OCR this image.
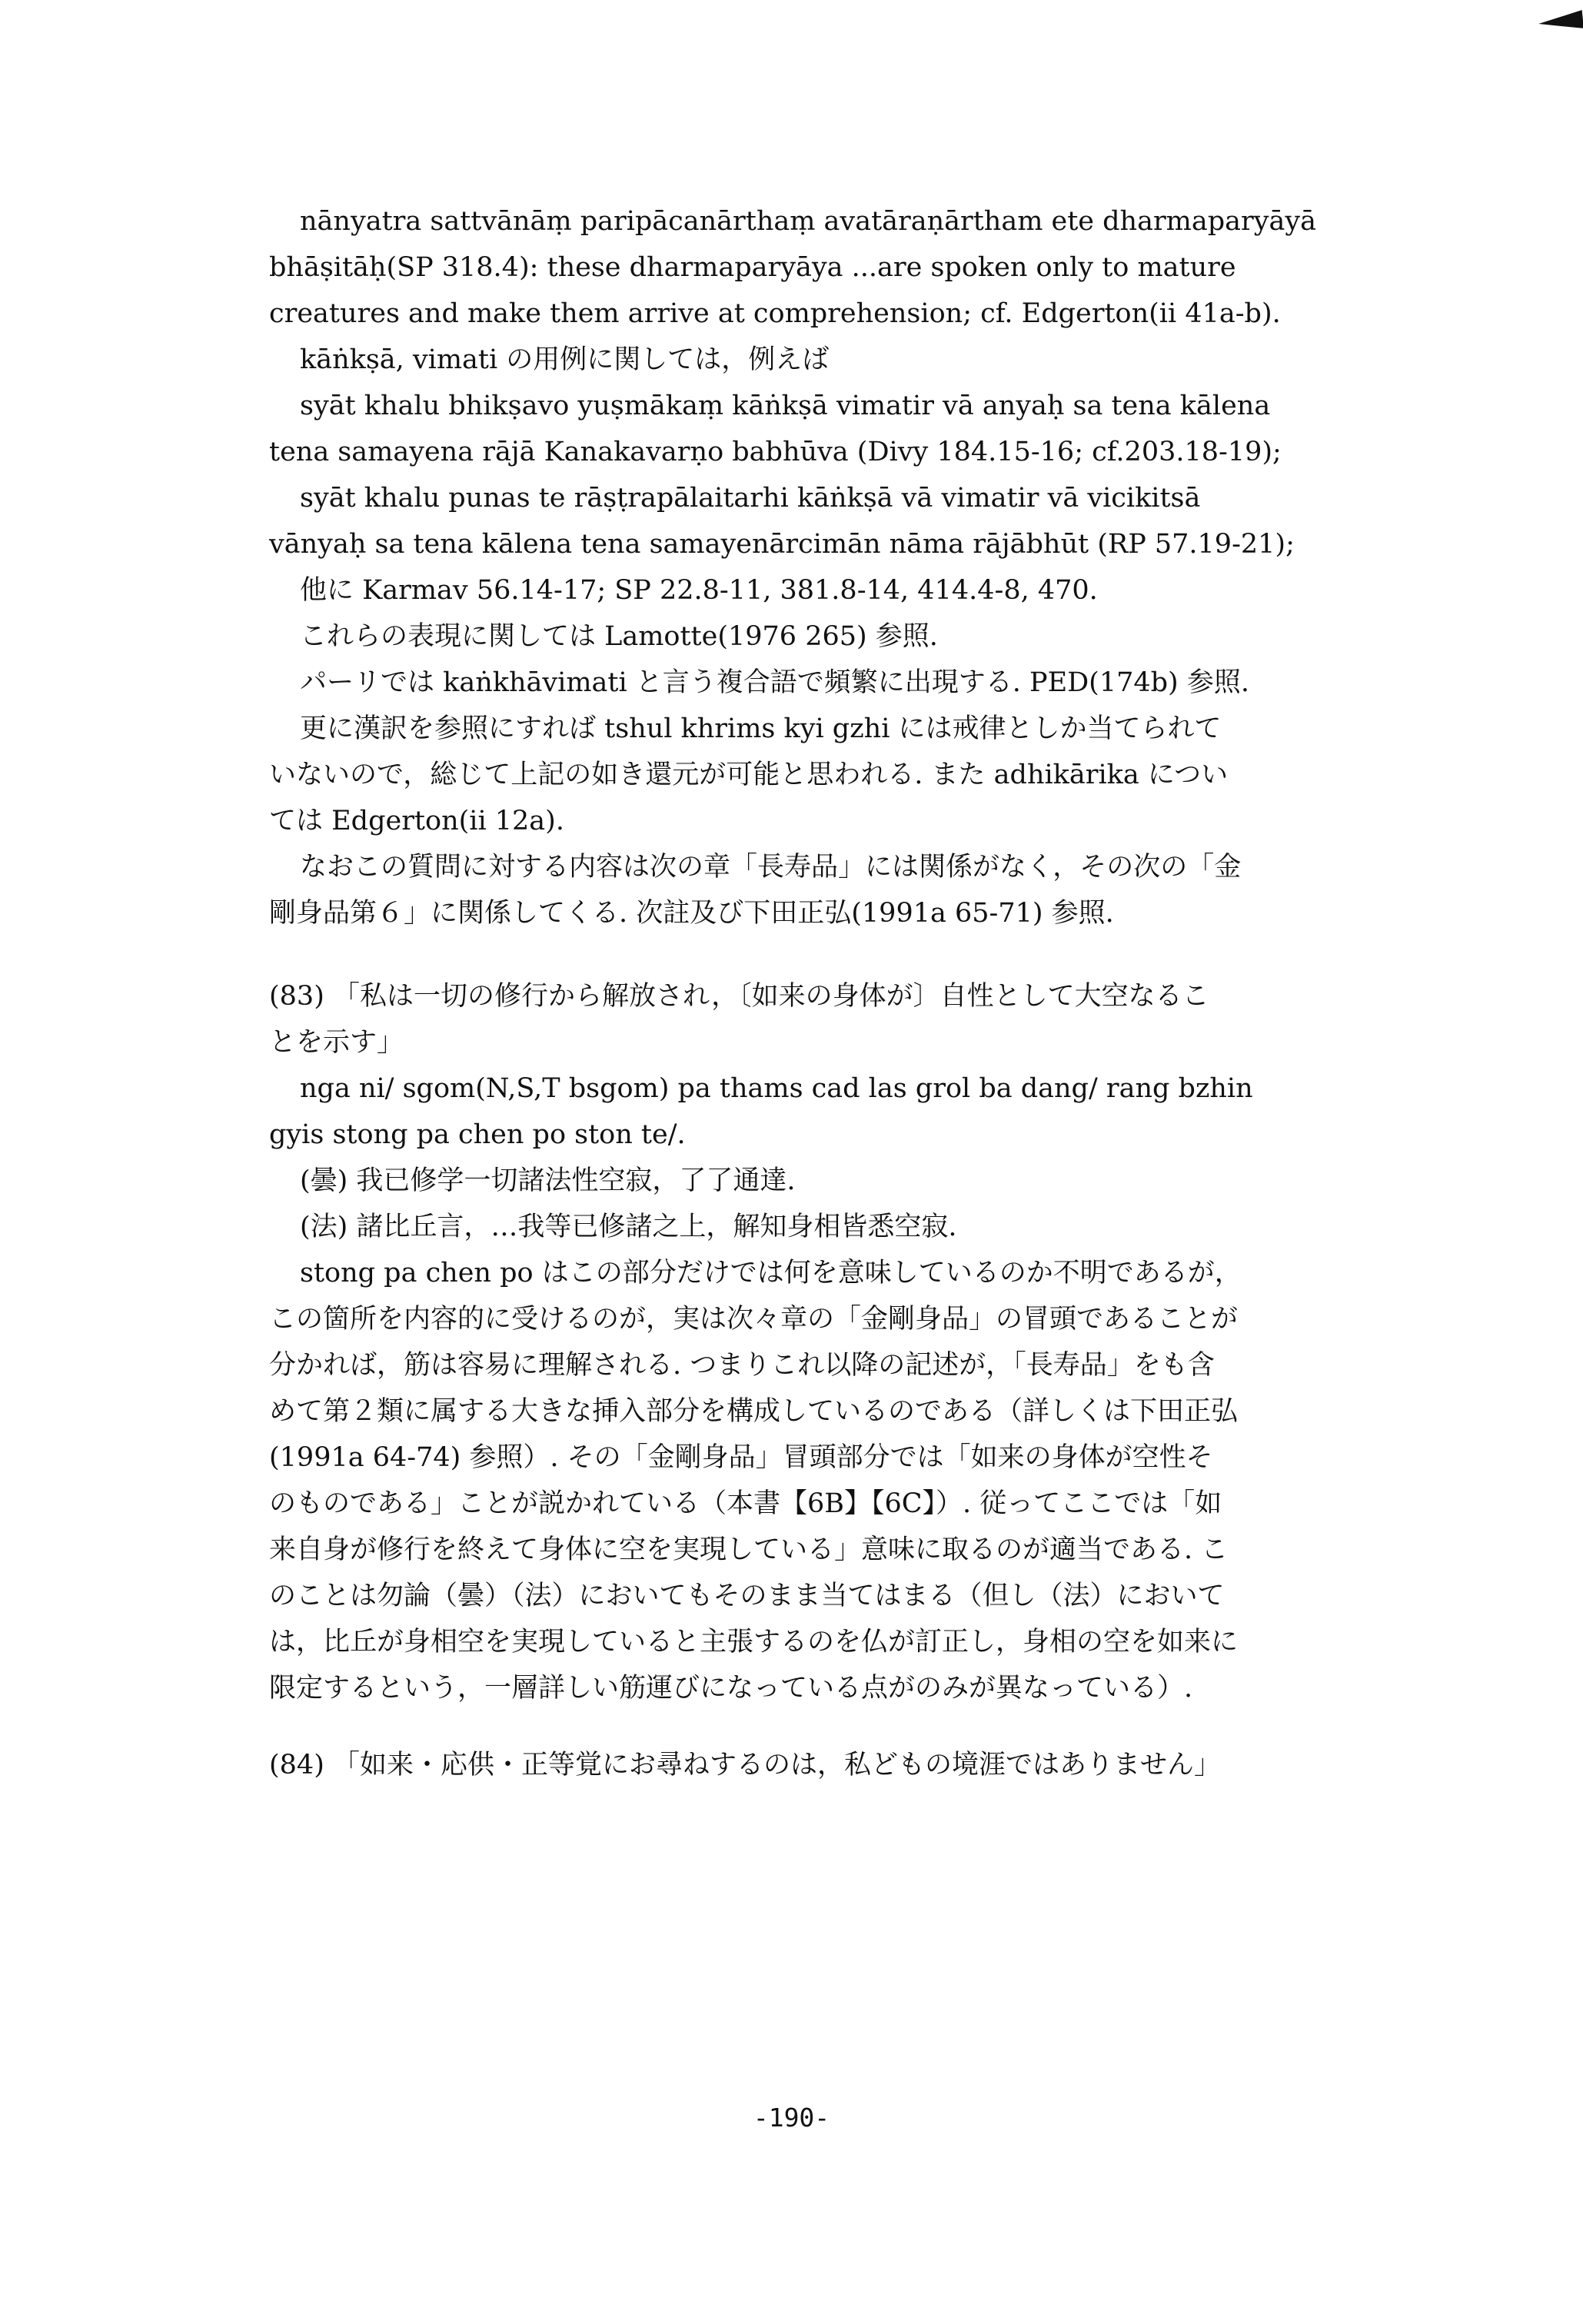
nānyatra sattvānāṃ paripācanārthaṃ avatāraṇārtham ete dharmaparyāyā
bhāṣitāḥ(SP 318.4): these dharmaparyāya ...are spoken only to mature
creatures and make them arrive at comprehension; cf. Edgerton(ii 41a-b).
kāṅkṣā, vimati の用例に関しては，例えば
syāt khalu bhikṣavo yuṣmākaṃ kāṅkṣā vimatir vā anyaḥ sa tena kālena
tena samayena rājā Kanakavarṇo babhūva (Divy 184.15-16; cf.203.18-19);
syāt khalu punas te rāṣṭrapālaitarhi kāṅkṣā vā vimatir vā vicikitsā
vānyaḥ sa tena kālena tena samayenārcimān nāma rājābhūt (RP 57.19-21);
他に Karmav 56.14-17; SP 22.8-11, 381.8-14, 414.4-8, 470.
これらの表現に関しては Lamotte(1976 265) 参照.
パーリでは kaṅkhāvimati と言う複合語で頻繁に出現する. PED(174b) 参照.
更に漢訳を参照にすれば tshul khrims kyi gzhi には戒律としか当てられて
いないので，総じて上記の如き還元が可能と思われる. また adhikārika につい
ては Edgerton(ii 12a).
なおこの質問に対する内容は次の章「長寿品」には関係がなく，その次の「金
剛身品第６」に関係してくる. 次註及び下田正弘(1991a 65-71) 参照.
(83) 「私は一切の修行から解放され，〔如来の身体が〕自性として大空なるこ
とを示す」
nga ni/ sgom(N,S,T bsgom) pa thams cad las grol ba dang/ rang bzhin
gyis stong pa chen po ston te/.
(曇) 我已修学一切諸法性空寂，了了通達.
(法) 諸比丘言，…我等已修諸之上，解知身相皆悉空寂.
stong pa chen po はこの部分だけでは何を意味しているのか不明であるが，
この箇所を内容的に受けるのが，実は次々章の「金剛身品」の冒頭であることが
分かれば，筋は容易に理解される. つまりこれ以降の記述が，「長寿品」をも含
めて第２類に属する大きな挿入部分を構成しているのである（詳しくは下田正弘
(1991a 64-74) 参照）. その「金剛身品」冒頭部分では「如来の身体が空性そ
のものである」ことが説かれている（本書【6B】【6C】）. 従ってここでは「如
来自身が修行を終えて身体に空を実現している」意味に取るのが適当である. こ
のことは勿論（曇）（法）においてもそのまま当てはまる（但し（法）において
は，比丘が身相空を実現していると主張するのを仏が訂正し，身相の空を如来に
限定するという，一層詳しい筋運びになっている点がのみが異なっている）.
(84) 「如来・応供・正等覚にお尋ねするのは，私どもの境涯ではありません」
-190-
